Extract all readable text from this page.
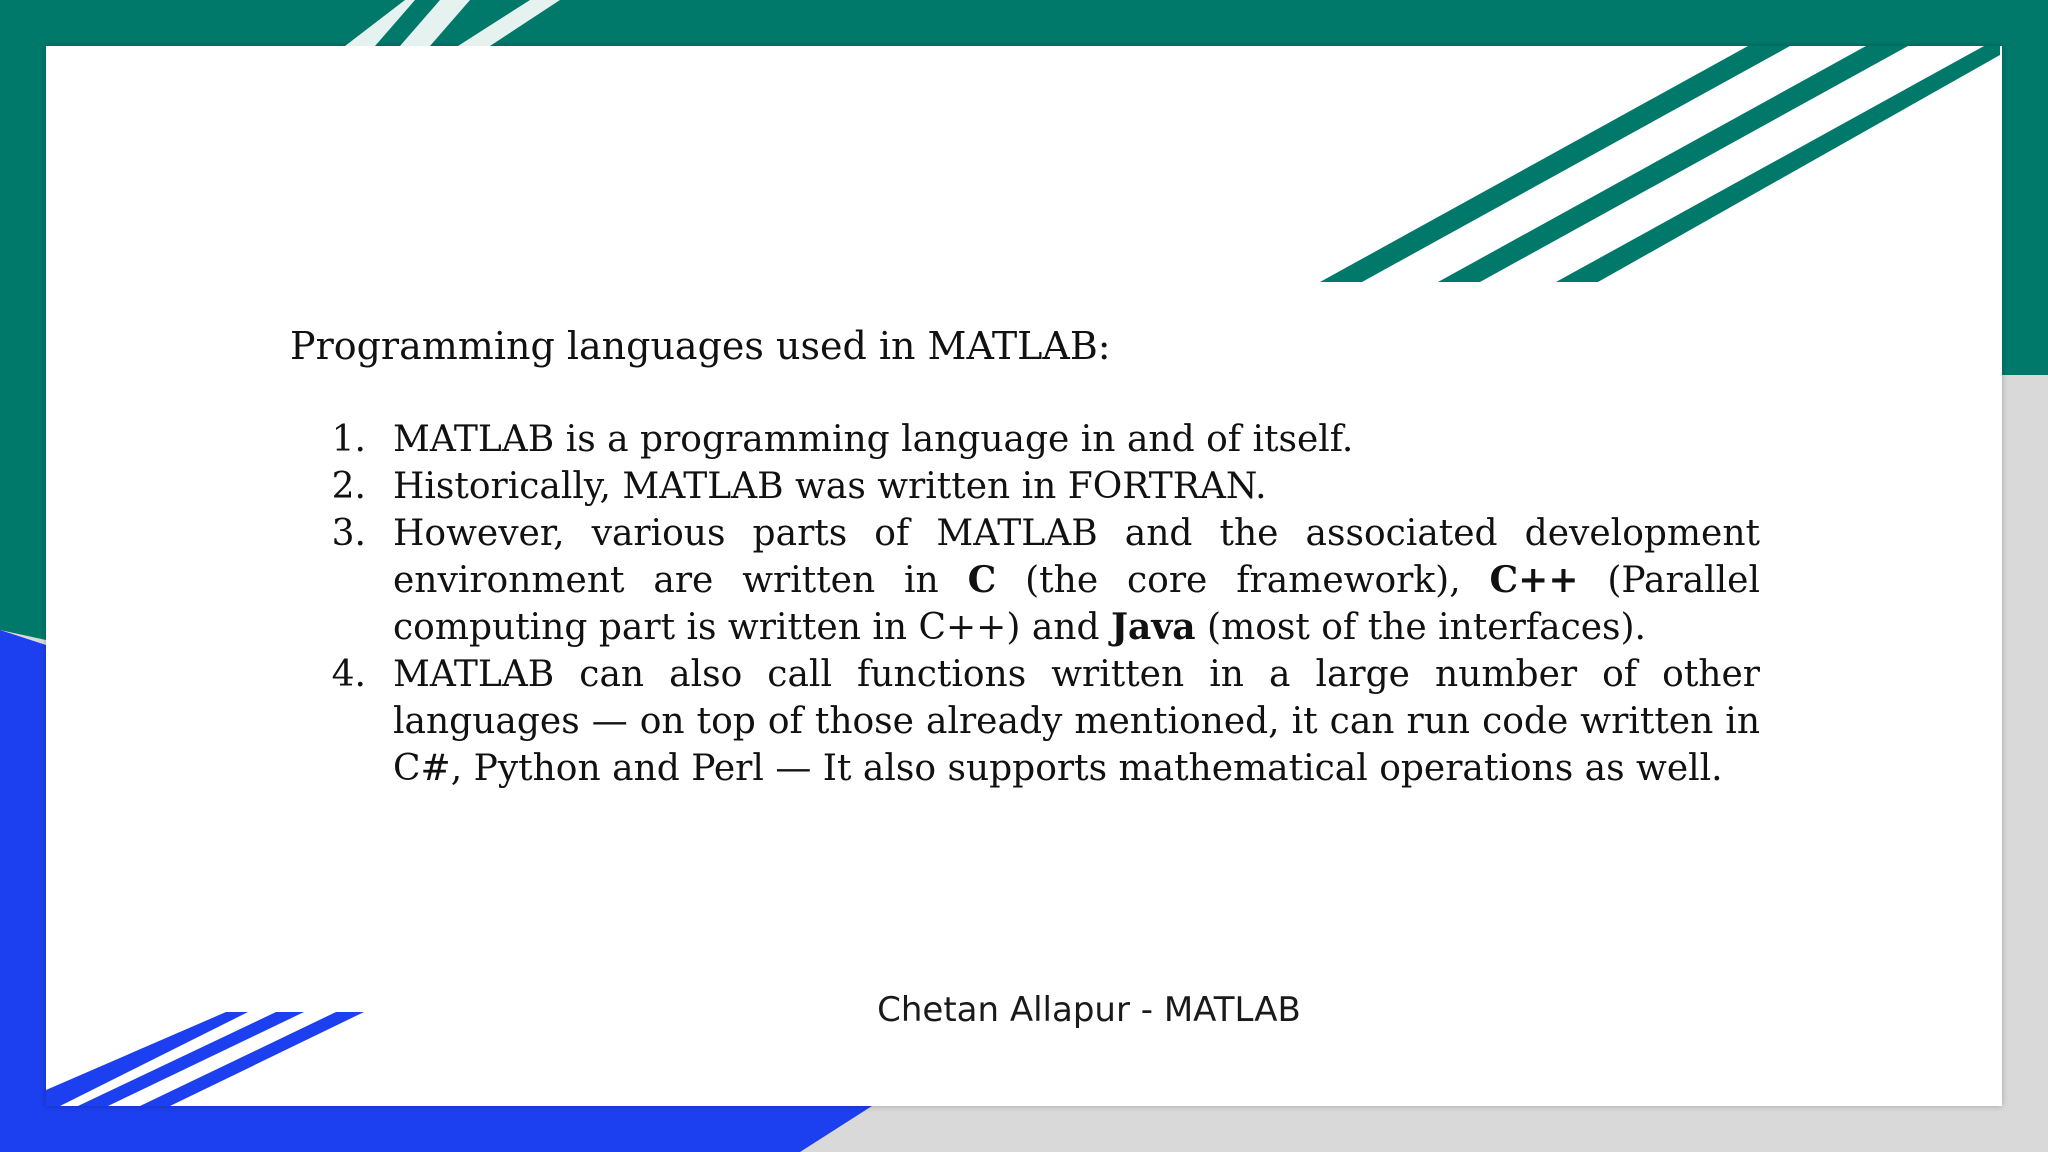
Programming languages used in MATLAB:
1. MATLAB is a programming language in and of itself.
2. Historically, MATLAB was written in FORTRAN.
3. However, various parts of MATLAB and the associated development environment are written in C (the core framework), C++ (Parallel computing part is written in C++) and Java (most of the interfaces).
4. MATLAB can also call functions written in a large number of other languages — on top of those already mentioned, it can run code written in C#, Python and Perl — It also supports mathematical operations as well.
Chetan Allapur - MATLAB
